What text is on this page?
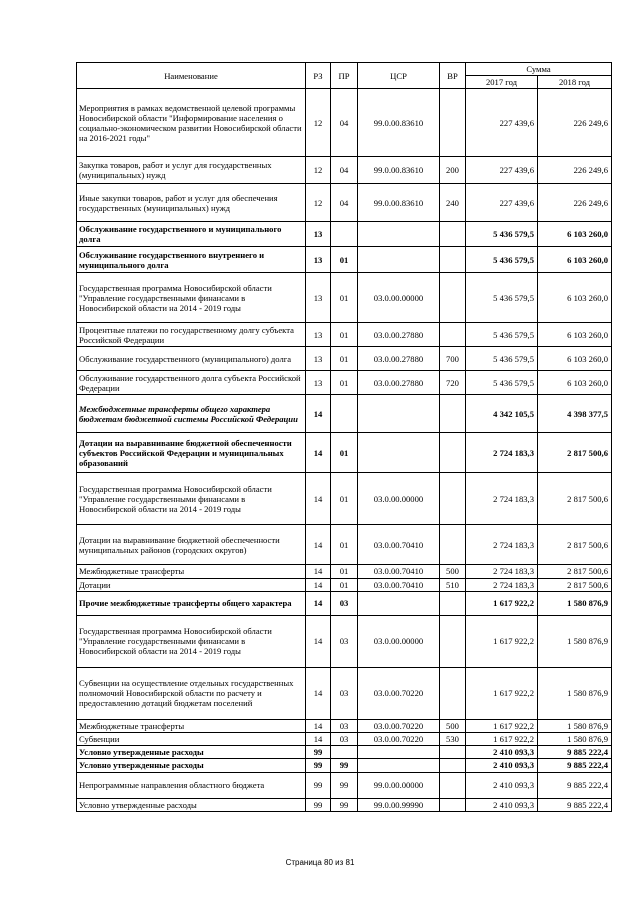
Наименование	РЗ	ПР	ЦСР	ВР	Сумма	
					2017 год	2018 год
Мероприятия в рамках ведомственной целевой программы Новосибирской области "Информирование населения о социально-экономическом развитии Новосибирской области на 2016-2021 годы"	12	04	99.0.00.83610		227 439,6	226 249,6
Закупка товаров, работ и услуг для государственных (муниципальных) нужд	12	04	99.0.00.83610	200	227 439,6	226 249,6
Иные закупки товаров, работ и услуг для обеспечения государственных (муниципальных) нужд	12	04	99.0.00.83610	240	227 439,6	226 249,6
Обслуживание государственного и муниципального долга	13				5 436 579,5	6 103 260,0
Обслуживание государственного внутреннего и муниципального долга	13	01			5 436 579,5	6 103 260,0
Государственная программа Новосибирской области "Управление государственными финансами в Новосибирской области на 2014 - 2019 годы	13	01	03.0.00.00000		5 436 579,5	6 103 260,0
Процентные платежи по государственному долгу субъекта Российской Федерации	13	01	03.0.00.27880		5 436 579,5	6 103 260,0
Обслуживание государственного (муниципального) долга	13	01	03.0.00.27880	700	5 436 579,5	6 103 260,0
Обслуживание государственного долга субъекта Российской Федерации	13	01	03.0.00.27880	720	5 436 579,5	6 103 260,0
Межбюджетные трансферты общего характера бюджетам бюджетной системы Российской Федерации	14				4 342 105,5	4 398 377,5
Дотации на выравнивание бюджетной обеспеченности субъектов Российской Федерации и муниципальных образований	14	01			2 724 183,3	2 817 500,6
Государственная программа Новосибирской области "Управление государственными финансами в Новосибирской области на 2014 - 2019 годы	14	01	03.0.00.00000		2 724 183,3	2 817 500,6
Дотации на выравнивание бюджетной обеспеченности муниципальных районов (городских округов)	14	01	03.0.00.70410		2 724 183,3	2 817 500,6
Межбюджетные трансферты	14	01	03.0.00.70410	500	2 724 183,3	2 817 500,6
Дотации	14	01	03.0.00.70410	510	2 724 183,3	2 817 500,6
Прочие межбюджетные трансферты общего характера	14	03			1 617 922,2	1 580 876,9
Государственная программа Новосибирской области "Управление государственными финансами в Новосибирской области на 2014 - 2019 годы	14	03	03.0.00.00000		1 617 922,2	1 580 876,9
Субвенции на осуществление отдельных государственных полномочий Новосибирской области по расчету и предоставлению дотаций бюджетам поселений	14	03	03.0.00.70220		1 617 922,2	1 580 876,9
Межбюджетные трансферты	14	03	03.0.00.70220	500	1 617 922,2	1 580 876,9
Субвенции	14	03	03.0.00.70220	530	1 617 922,2	1 580 876,9
Условно утвержденные расходы	99				2 410 093,3	9 885 222,4
Условно утвержденные расходы	99	99			2 410 093,3	9 885 222,4
Непрограммные направления областного бюджета	99	99	99.0.00.00000		2 410 093,3	9 885 222,4
Условно утвержденные расходы	99	99	99.0.00.99990		2 410 093,3	9 885 222,4
Страница 80 из 81
